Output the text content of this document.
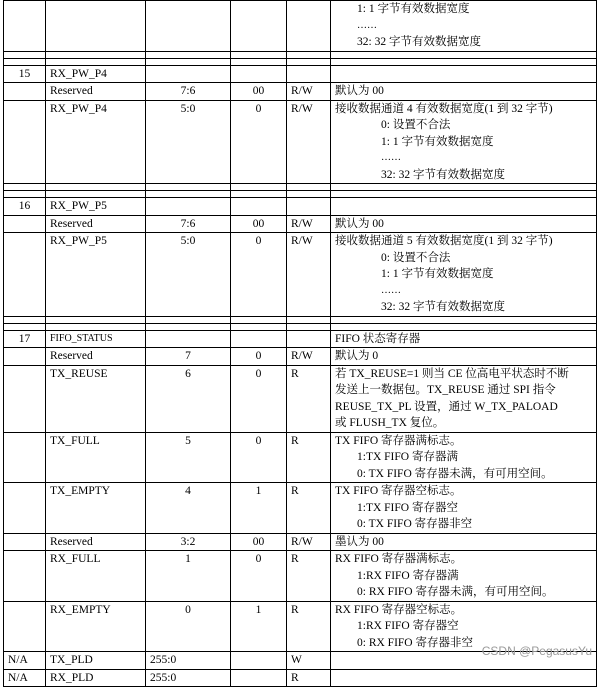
					1: 1 字节有效数据宽度
……
32: 32 字节有效数据宽度

15	RX_PW_P4				
	Reserved	7:6	00	R/W	默认为 00
	RX_PW_P4	5:0	0	R/W	接收数据通道 4 有效数据宽度(1 到 32 字节)
0: 设置不合法
1: 1 字节有效数据宽度
……
32: 32 字节有效数据宽度

16	RX_PW_P5				
	Reserved	7:6	00	R/W	默认为 00
	RX_PW_P5	5:0	0	R/W	接收数据通道 5 有效数据宽度(1 到 32 字节)
0: 设置不合法
1: 1 字节有效数据宽度
……
32: 32 字节有效数据宽度

17	FIFO_STATUS				FIFO 状态寄存器
	Reserved	7	0	R/W	默认为 0
	TX_REUSE	6	0	R	若 TX_REUSE=1 则当 CE 位高电平状态时不断
发送上一数据包。TX_REUSE 通过 SPI 指令
REUSE_TX_PL 设置，通过 W_TX_PALOAD
或 FLUSH_TX 复位。

	TX_FULL	5	0	R	TX FIFO 寄存器满标志。
1:TX FIFO 寄存器满
0: TX FIFO 寄存器未满，有可用空间。

	TX_EMPTY	4	1	R	TX FIFO 寄存器空标志。
1:TX FIFO 寄存器空
0: TX FIFO 寄存器非空

	Reserved	3:2	00	R/W	墨认为 00
	RX_FULL	1	0	R	RX FIFO 寄存器满标志。
1:RX FIFO 寄存器满
0: RX FIFO 寄存器未满，有可用空间。

	RX_EMPTY	0	1	R	RX FIFO 寄存器空标志。
1:RX FIFO 寄存器空
0: RX FIFO 寄存器非空

N/A	TX_PLD	255:0		W	
N/A	RX_PLD	255:0		R	
CSDN @PegasusYu
